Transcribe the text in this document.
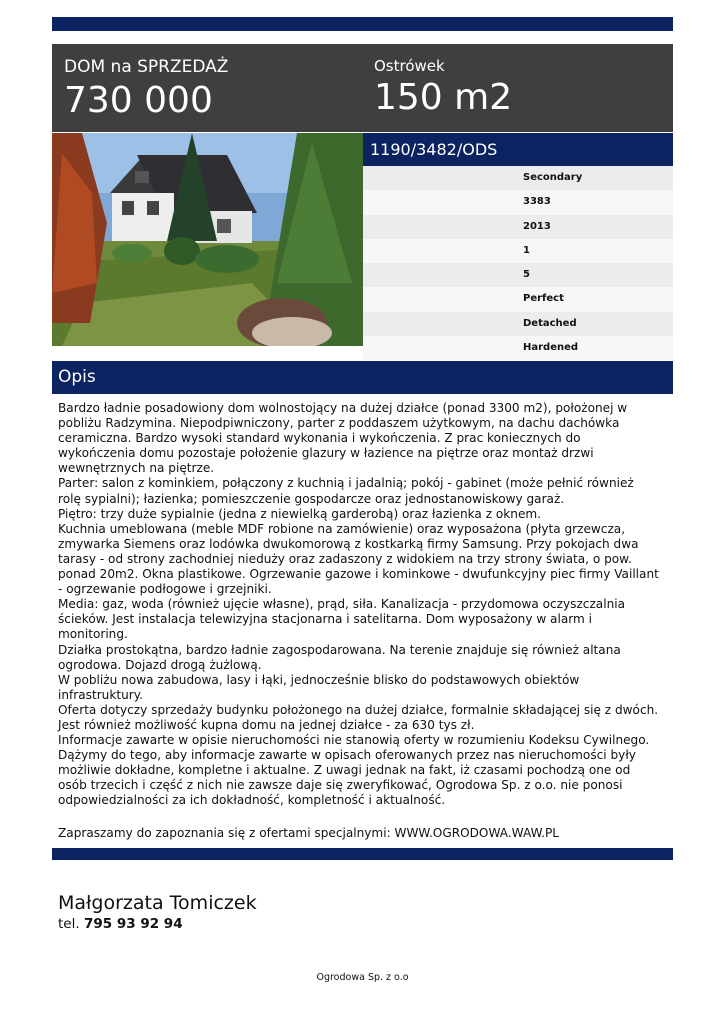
DOM na SPRZEDAŻ
730 000
Ostrówek
150 m2
1190/3482/ODS
Secondary
3383
2013
1
5
Perfect
Detached
Hardened
Opis
Bardzo ładnie posadowiony dom wolnostojący na dużej działce (ponad 3300 m2), położonej w
pobliżu Radzymina. Niepodpiwniczony, parter z poddaszem użytkowym, na dachu dachówka
ceramiczna. Bardzo wysoki standard wykonania i wykończenia. Z prac koniecznych do
wykończenia domu pozostaje położenie glazury w łazience na piętrze oraz montaż drzwi
wewnętrznych na piętrze.
Parter: salon z kominkiem, połączony z kuchnią i jadalnią; pokój - gabinet (może pełnić również
rolę sypialni); łazienka; pomieszczenie gospodarcze oraz jednostanowiskowy garaż.
Piętro: trzy duże sypialnie (jedna z niewielką garderobą) oraz łazienka z oknem.
Kuchnia umeblowana (meble MDF robione na zamówienie) oraz wyposażona (płyta grzewcza,
zmywarka Siemens oraz lodówka dwukomorową z kostkarką firmy Samsung. Przy pokojach dwa
tarasy - od strony zachodniej nieduży oraz zadaszony z widokiem na trzy strony świata, o pow.
ponad 20m2. Okna plastikowe. Ogrzewanie gazowe i kominkowe - dwufunkcyjny piec firmy Vaillant
- ogrzewanie podłogowe i grzejniki.
Media: gaz, woda (również ujęcie własne), prąd, siła. Kanalizacja - przydomowa oczyszczalnia
ścieków. Jest instalacja telewizyjna stacjonarna i satelitarna. Dom wyposażony w alarm i
monitoring.
Działka prostokątna, bardzo ładnie zagospodarowana. Na terenie znajduje się również altana
ogrodowa. Dojazd drogą żużlową.
W pobliżu nowa zabudowa, lasy i łąki, jednocześnie blisko do podstawowych obiektów
infrastruktury.
Oferta dotyczy sprzedaży budynku położonego na dużej działce, formalnie składającej się z dwóch.
Jest również możliwość kupna domu na jednej działce - za 630 tys zł.
Informacje zawarte w opisie nieruchomości nie stanowią oferty w rozumieniu Kodeksu Cywilnego.
Dążymy do tego, aby informacje zawarte w opisach oferowanych przez nas nieruchomości były
możliwie dokładne, kompletne i aktualne. Z uwagi jednak na fakt, iż czasami pochodzą one od
osób trzecich i część z nich nie zawsze daje się zweryfikować, Ogrodowa Sp. z o.o. nie ponosi
odpowiedzialności za ich dokładność, kompletność i aktualność.
Zapraszamy do zapoznania się z ofertami specjalnymi: WWW.OGRODOWA.WAW.PL
Małgorzata Tomiczek
tel. 795 93 92 94
Ogrodowa Sp. z o.o
